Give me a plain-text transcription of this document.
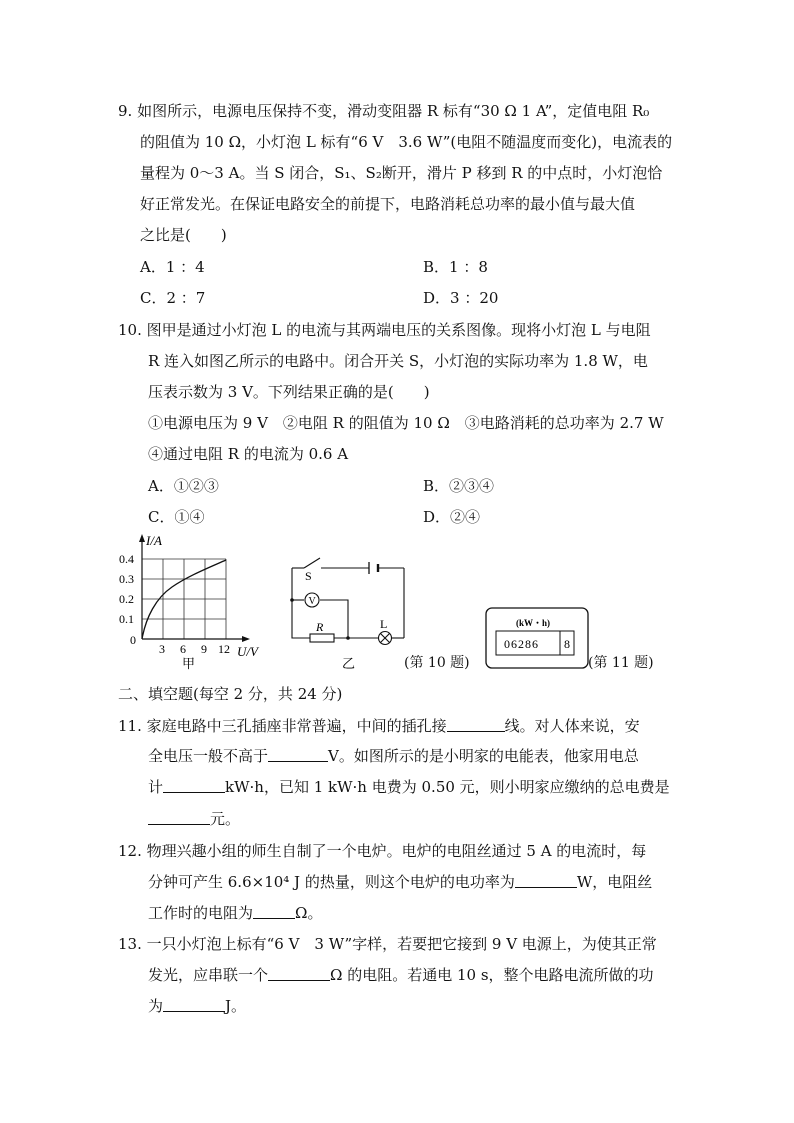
9. 如图所示，电源电压保持不变，滑动变阻器 R 标有“30 Ω 1 A”，定值电阻 R₀
的阻值为 10 Ω，小灯泡 L 标有“6 V　3.6 W”(电阻不随温度而变化)，电流表的
量程为 0～3 A。当 S 闭合，S₁、S₂断开，滑片 P 移到 R 的中点时，小灯泡恰
好正常发光。在保证电路安全的前提下，电路消耗总功率的最小值与最大值
之比是(　　)
A．1 ：4	B．1 ：8
C．2 ：7	D．3 ：20
10. 图甲是通过小灯泡 L 的电流与其两端电压的关系图像。现将小灯泡 L 与电阻
R 连入如图乙所示的电路中。闭合开关 S，小灯泡的实际功率为 1.8 W，电
压表示数为 3 V。下列结果正确的是(　　)
①电源电压为 9 V　②电阻 R 的阻值为 10 Ω　③电路消耗的总功率为 2.7 W
④通过电阻 R 的电流为 0.6 A
A．①②③	B．②③④
C．①④	D．②④
I/A
0.4
0.3
0.2
0.1
0
3 6 9 12 U/V
甲
S
V
R	L
乙	(第 10 题)
(kW・h)
06286 8
(第 11 题)
二、填空题(每空 2 分，共 24 分)
11. 家庭电路中三孔插座非常普遍，中间的插孔接	线。对人体来说，安
全电压一般不高于	V。如图所示的是小明家的电能表，他家用电总
计	kW·h，已知 1 kW·h 电费为 0.50 元，则小明家应缴纳的总电费是
元。
12. 物理兴趣小组的师生自制了一个电炉。电炉的电阻丝通过 5 A 的电流时，每
分钟可产生 6.6×10⁴ J 的热量，则这个电炉的电功率为	W，电阻丝
工作时的电阻为	Ω。
13. 一只小灯泡上标有“6 V　3 W”字样，若要把它接到 9 V 电源上，为使其正常
发光，应串联一个	Ω 的电阻。若通电 10 s，整个电路电流所做的功
为	J。
